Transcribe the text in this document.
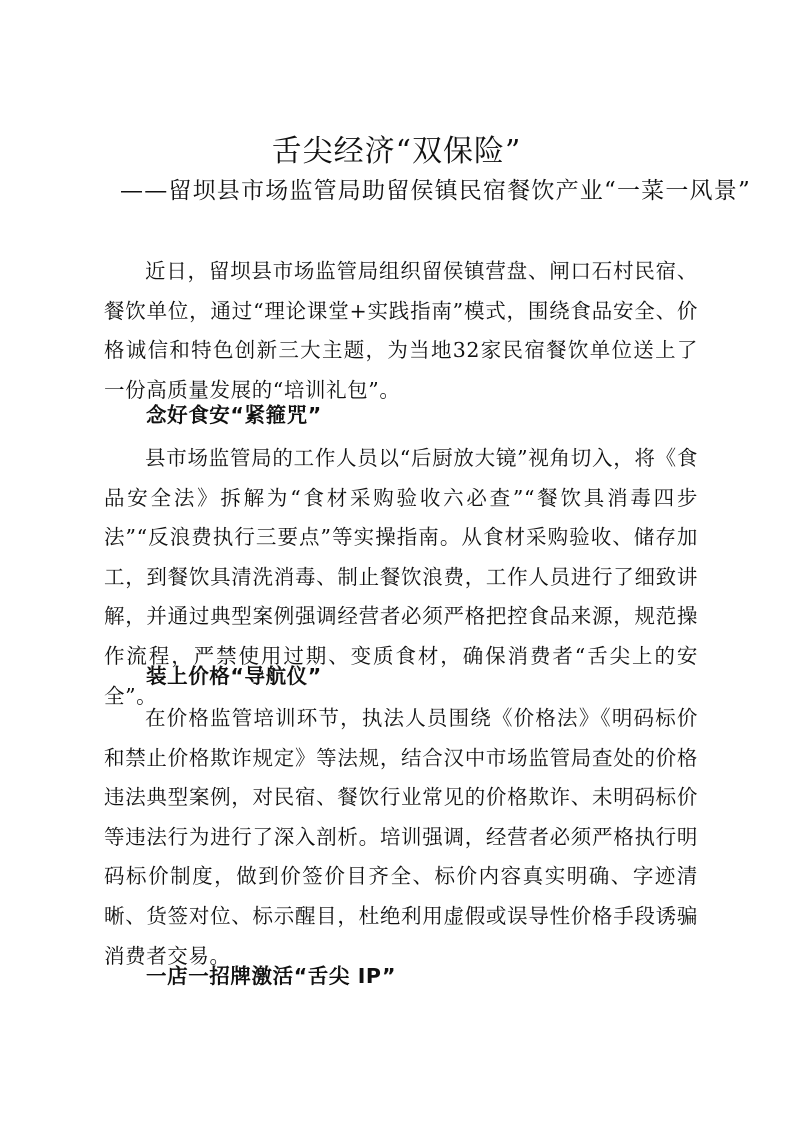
舌尖经济“双保险”
——留坝县市场监管局助留侯镇民宿餐饮产业“一菜一风景”

近日，留坝县市场监管局组织留侯镇营盘、闸口石村民宿、餐饮单位，通过“理论课堂+实践指南”模式，围绕食品安全、价格诚信和特色创新三大主题，为当地32家民宿餐饮单位送上了一份高质量发展的“培训礼包”。

念好食安“紧箍咒”

县市场监管局的工作人员以“后厨放大镜”视角切入，将《食品安全法》拆解为“食材采购验收六必查”“餐饮具消毒四步法”“反浪费执行三要点”等实操指南。从食材采购验收、储存加工，到餐饮具清洗消毒、制止餐饮浪费，工作人员进行了细致讲解，并通过典型案例强调经营者必须严格把控食品来源，规范操作流程，严禁使用过期、变质食材，确保消费者“舌尖上的安全”。

装上价格“导航仪”

在价格监管培训环节，执法人员围绕《价格法》《明码标价和禁止价格欺诈规定》等法规，结合汉中市场监管局查处的价格违法典型案例，对民宿、餐饮行业常见的价格欺诈、未明码标价等违法行为进行了深入剖析。培训强调，经营者必须严格执行明码标价制度，做到价签价目齐全、标价内容真实明确、字迹清晰、货签对位、标示醒目，杜绝利用虚假或误导性价格手段诱骗消费者交易。

一店一招牌激活“舌尖 IP”
